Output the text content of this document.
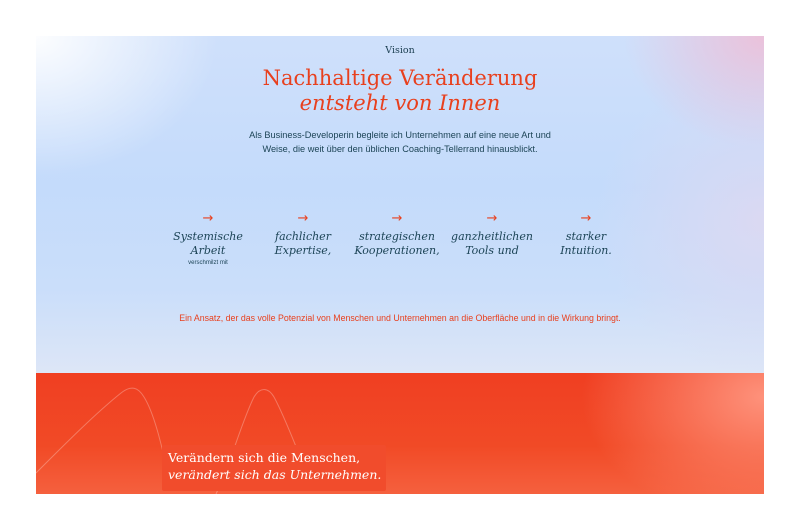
Vision
Nachhaltige Veränderung
entsteht von Innen

Als Business-Developerin begleite ich Unternehmen auf eine neue Art und Weise, die weit über den üblichen Coaching-Tellerrand hinausblickt.

→
Systemische Arbeit
verschmilzt mit
→
fachlicher Expertise,
→
strategischen Kooperationen,
→
ganzheitlichen Tools und
→
starker Intuition.
Ein Ansatz, der das volle Potenzial von Menschen und Unternehmen an die Oberfläche und in die Wirkung bringt.
Verändern sich die Menschen,
verändert sich das Unternehmen.
